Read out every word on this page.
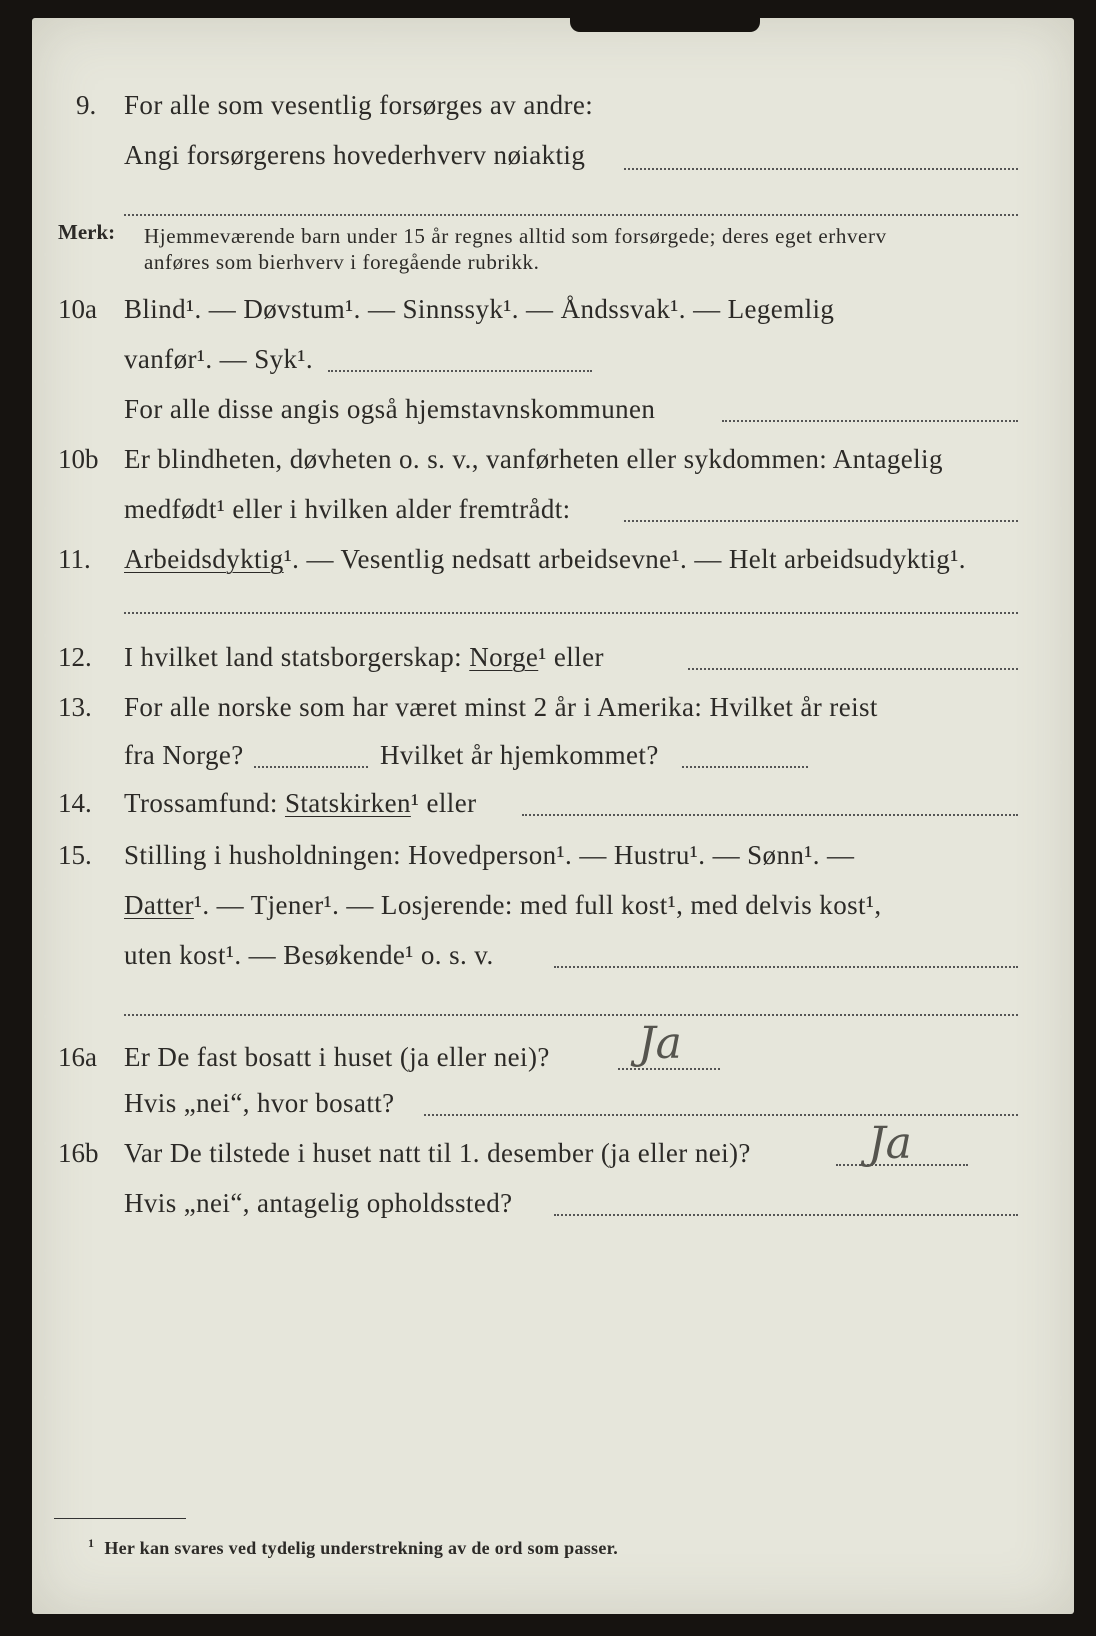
9. For alle som vesentlig forsørges av andre:
Angi forsørgerens hovederhverv nøiaktig
Merk: Hjemmeværende barn under 15 år regnes alltid som forsørgede; deres eget erhverv
anføres som bierhverv i foregående rubrikk.
10a Blind¹. — Døvstum¹. — Sinnssyk¹. — Åndssvak¹. — Legemlig
vanfør¹. — Syk¹.
For alle disse angis også hjemstavnskommunen
10b Er blindheten, døvheten o. s. v., vanførheten eller sykdommen: Antagelig
medfødt¹ eller i hvilken alder fremtrådt:
11. Arbeidsdyktig¹. — Vesentlig nedsatt arbeidsevne¹. — Helt arbeidsudyktig¹.
12. I hvilket land statsborgerskap: Norge¹ eller
13. For alle norske som har været minst 2 år i Amerika: Hvilket år reist
fra Norge?	Hvilket år hjemkommet?
14. Trossamfund: Statskirken¹ eller
15. Stilling i husholdningen: Hovedperson¹. — Hustru¹. — Sønn¹. —
Datter¹. — Tjener¹. — Losjerende: med full kost¹, med delvis kost¹,
uten kost¹. — Besøkende¹ o. s. v.
16a Er De fast bosatt i huset (ja eller nei)? Ja
Hvis „nei“, hvor bosatt?
16b Var De tilstede i huset natt til 1. desember (ja eller nei)?	Ja
Hvis „nei“, antagelig opholdssted?
$^1$ Her kan svares ved tydelig understrekning av de ord som passer.
